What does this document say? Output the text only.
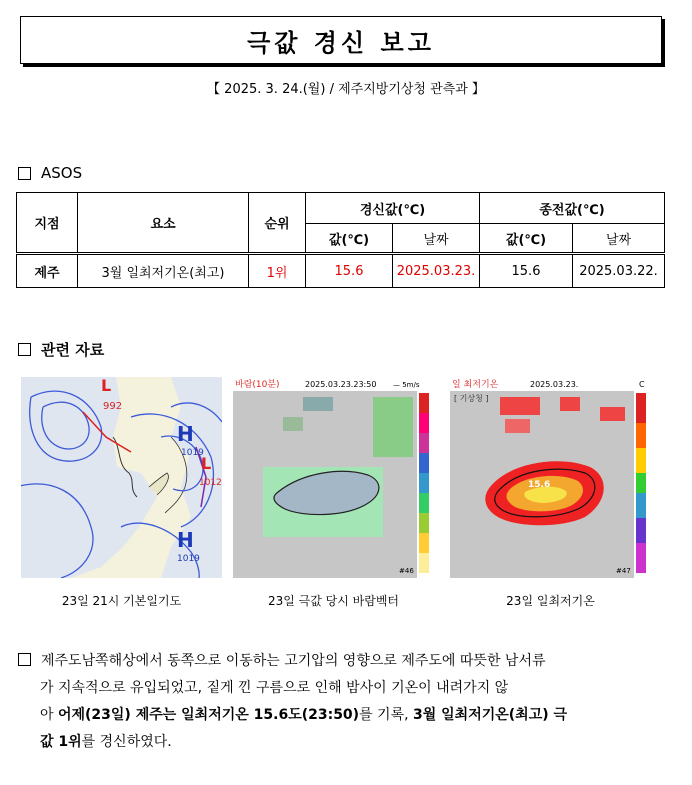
극값 경신 보고
【 2025. 3. 24.(월) / 제주지방기상청 관측과 】
ASOS
지점	요소	순위	경신값(℃)		종전값(℃)	
			값(℃)	날짜	값(℃)	날짜
제주	3월 일최저기온(최고)	1위	15.6	2025.03.23.	15.6	2025.03.22.
관련 자료
L
992
H
1019
L
1012
H
1019
바람(10분)	2025.03.23.23:50 — 5m/s
#46
일 최저기온
[ 기상청 ]
2025.03.23.	C
15.6
#47
23일 21시 기본일기도	23일 극값 당시 바람벡터	23일 일최저기온
제주도남쪽해상에서 동쪽으로 이동하는 고기압의 영향으로 제주도에 따뜻한 남서류
가 지속적으로 유입되었고, 짙게 낀 구름으로 인해 밤사이 기온이 내려가지 않
아 어제(23일) 제주는 일최저기온 15.6도(23:50)를 기록, 3월 일최저기온(최고) 극
값 1위를 경신하였다.
